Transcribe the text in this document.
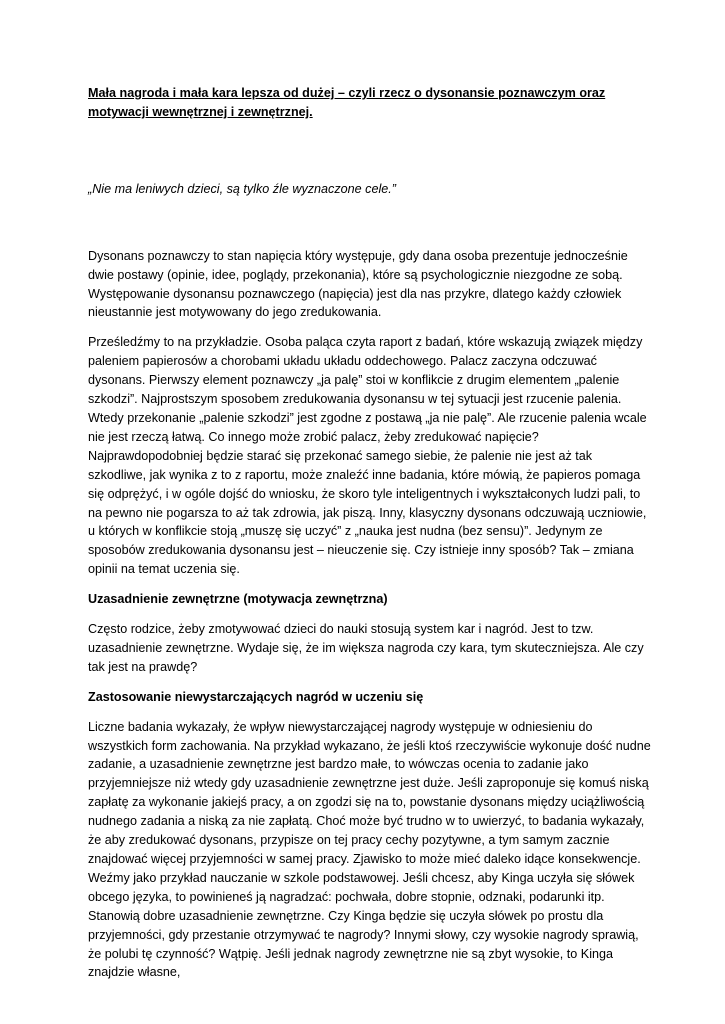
Mała nagroda i mała kara lepsza od dużej – czyli rzecz o dysonansie poznawczym oraz motywacji wewnętrznej i zewnętrznej.

„Nie ma leniwych dzieci, są tylko źle wyznaczone cele.”

Dysonans poznawczy to stan napięcia który występuje, gdy dana osoba prezentuje jednocześnie dwie postawy (opinie, idee, poglądy, przekonania), które są psychologicznie niezgodne ze sobą. Występowanie dysonansu poznawczego (napięcia) jest dla nas przykre, dlatego każdy człowiek nieustannie jest motywowany do jego zredukowania.

Prześledźmy to na przykładzie. Osoba paląca czyta raport z badań, które wskazują związek między paleniem papierosów a chorobami układu układu oddechowego. Palacz zaczyna odczuwać dysonans. Pierwszy element poznawczy „ja palę” stoi w konflikcie z drugim elementem „palenie szkodzi”. Najprostszym sposobem zredukowania dysonansu w tej sytuacji jest rzucenie palenia. Wtedy przekonanie „palenie szkodzi” jest zgodne z postawą „ja nie palę”. Ale rzucenie palenia wcale nie jest rzeczą łatwą. Co innego może zrobić palacz, żeby zredukować napięcie? Najprawdopodobniej będzie starać się przekonać samego siebie, że palenie nie jest aż tak szkodliwe, jak wynika z to z raportu, może znaleźć inne badania, które mówią, że papieros pomaga się odprężyć, i w ogóle dojść do wniosku, że skoro tyle inteligentnych i wykształconych ludzi pali, to na pewno nie pogarsza to aż tak zdrowia, jak piszą. Inny, klasyczny dysonans odczuwają uczniowie, u których w konflikcie stoją „muszę się uczyć” z „nauka jest nudna (bez sensu)”. Jedynym ze sposobów zredukowania dysonansu jest – nieuczenie się. Czy istnieje inny sposób? Tak – zmiana opinii na temat uczenia się.

Uzasadnienie zewnętrzne (motywacja zewnętrzna)

Często rodzice, żeby zmotywować dzieci do nauki stosują system kar i nagród. Jest to tzw. uzasadnienie zewnętrzne. Wydaje się, że im większa nagroda czy kara, tym skuteczniejsza. Ale czy tak jest na prawdę?

Zastosowanie niewystarczających nagród w uczeniu się

Liczne badania wykazały, że wpływ niewystarczającej nagrody występuje w odniesieniu do wszystkich form zachowania. Na przykład wykazano, że jeśli ktoś rzeczywiście wykonuje dość nudne zadanie, a uzasadnienie zewnętrzne jest bardzo małe, to wówczas ocenia to zadanie jako przyjemniejsze niż wtedy gdy uzasadnienie zewnętrzne jest duże. Jeśli zaproponuje się komuś niską zapłatę za wykonanie jakiejś pracy, a on zgodzi się na to, powstanie dysonans między uciążliwością nudnego zadania a niską za nie zapłatą. Choć może być trudno w to uwierzyć, to badania wykazały, że aby zredukować dysonans, przypisze on tej pracy cechy pozytywne, a tym samym zacznie znajdować więcej przyjemności w samej pracy. Zjawisko to może mieć daleko idące konsekwencje. Weźmy jako przykład nauczanie w szkole podstawowej. Jeśli chcesz, aby Kinga uczyła się słówek obcego języka, to powinieneś ją nagradzać: pochwała, dobre stopnie, odznaki, podarunki itp. Stanowią dobre uzasadnienie zewnętrzne. Czy Kinga będzie się uczyła słówek po prostu dla przyjemności, gdy przestanie otrzymywać te nagrody? Innymi słowy, czy wysokie nagrody sprawią, że polubi tę czynność? Wątpię. Jeśli jednak nagrody zewnętrzne nie są zbyt wysokie, to Kinga znajdzie własne,
